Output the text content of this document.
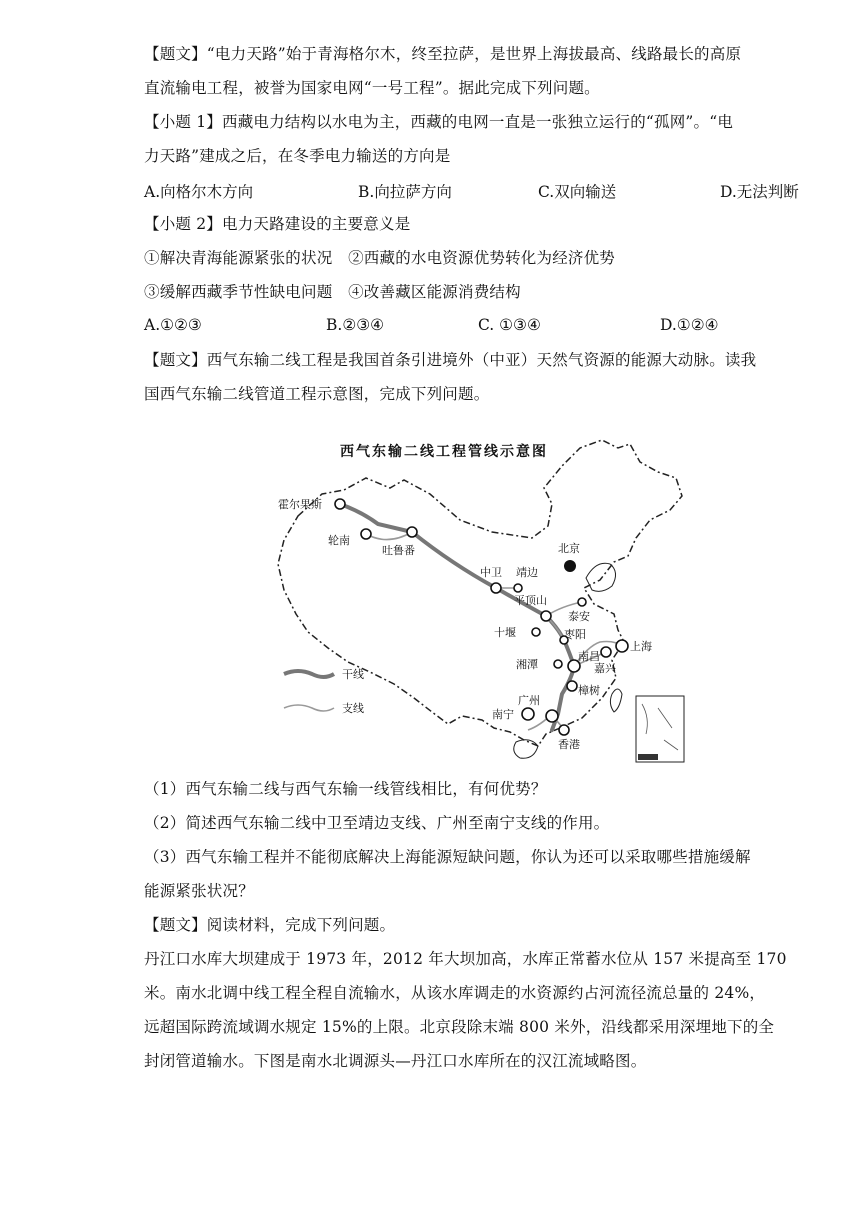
【题文】“电力天路”始于青海格尔木，终至拉萨，是世界上海拔最高、线路最长的高原
直流输电工程，被誉为国家电网“一号工程”。据此完成下列问题。
【小题 1】西藏电力结构以水电为主，西藏的电网一直是一张独立运行的“孤网”。“电
力天路”建成之后，在冬季电力输送的方向是
A.向格尔木方向	B.向拉萨方向	C.双向输送	D.无法判断
【小题 2】电力天路建设的主要意义是
①解决青海能源紧张的状况　②西藏的水电资源优势转化为经济优势
③缓解西藏季节性缺电问题　④改善藏区能源消费结构
A.①②③	B.②③④	C. ①③④	D.①②④
【题文】西气东输二线工程是我国首条引进境外（中亚）天然气资源的能源大动脉。读我
国西气东输二线管道工程示意图，完成下列问题。
西气东输二线工程管线示意图
霍尔果斯
轮南
吐鲁番	北京
中卫 靖边
平顶山
泰安
十堰	枣阳
上海
南昌
嘉兴
湘潭
樟树
广州
南宁
香港
干线
支线
（1）西气东输二线与西气东输一线管线相比，有何优势？
（2）简述西气东输二线中卫至靖边支线、广州至南宁支线的作用。
（3）西气东输工程并不能彻底解决上海能源短缺问题，你认为还可以采取哪些措施缓解
能源紧张状况？
【题文】阅读材料，完成下列问题。
丹江口水库大坝建成于 1973 年，2012 年大坝加高，水库正常蓄水位从 157 米提高至 170
米。南水北调中线工程全程自流输水，从该水库调走的水资源约占河流径流总量的 24%，
远超国际跨流域调水规定 15%的上限。北京段除末端 800 米外，沿线都采用深埋地下的全
封闭管道输水。下图是南水北调源头—丹江口水库所在的汉江流域略图。
